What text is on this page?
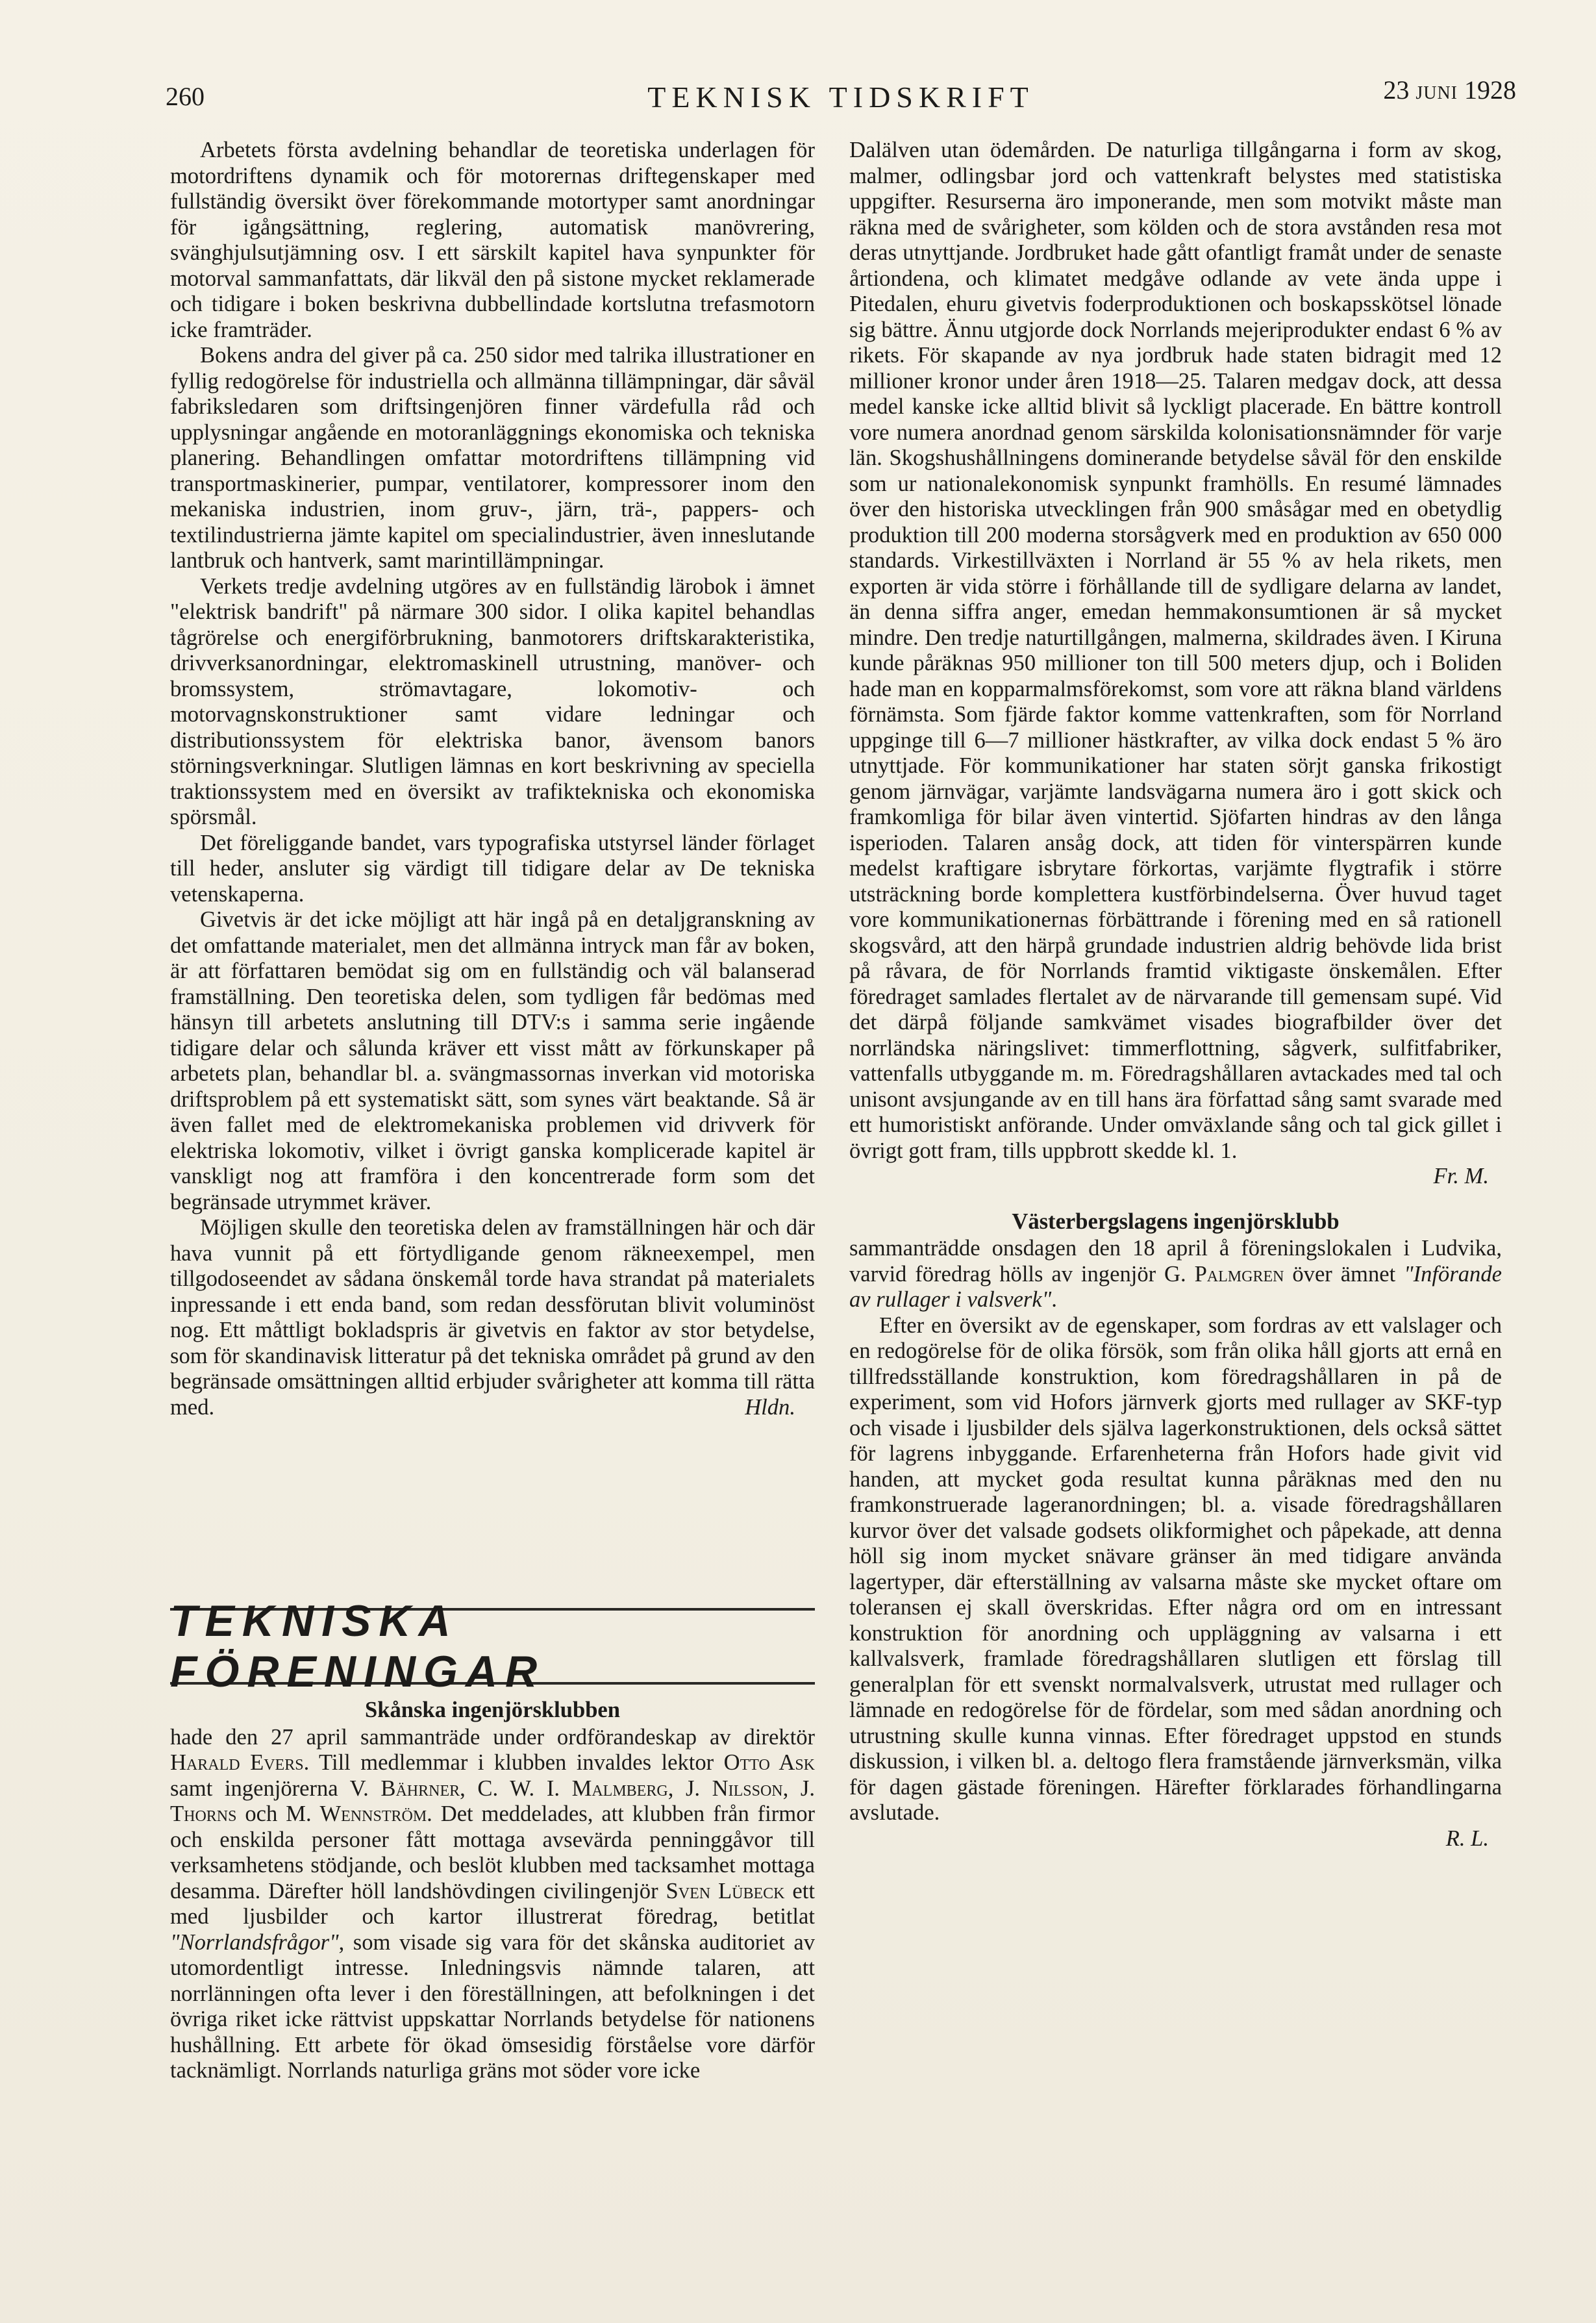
260	TEKNISK TIDSKRIFT	23 JUNI 1928

Arbetets första avdelning behandlar de teoretiska underlagen för motordriftens dynamik och för motorernas driftegenskaper med fullständig översikt över förekommande motortyper samt anordningar för igångsättning, reglering, automatisk manövrering, svänghjulsutjämning osv. I ett särskilt kapitel hava synpunkter för motorval sammanfattats, där likväl den på sistone mycket reklamerade och tidigare i boken beskrivna dubbellindade kortslutna trefasmotorn icke framträder.

Bokens andra del giver på ca. 250 sidor med talrika illustrationer en fyllig redogörelse för industriella och allmänna tillämpningar, där såväl fabriksledaren som driftsingenjören finner värdefulla råd och upplysningar angående en motoranläggnings ekonomiska och tekniska planering. Behandlingen omfattar motordriftens tillämpning vid transportmaskinerier, pumpar, ventilatorer, kompressorer inom den mekaniska industrien, inom gruv-, järn, trä-, pappers- och textilindustrierna jämte kapitel om specialindustrier, även inneslutande lantbruk och hantverk, samt marintillämpningar.

Verkets tredje avdelning utgöres av en fullständig lärobok i ämnet "elektrisk bandrift" på närmare 300 sidor. I olika kapitel behandlas tågrörelse och energiförbrukning, banmotorers driftskarakteristika, drivverksanordningar, elektromaskinell utrustning, manöver- och bromssystem, strömavtagare, lokomotiv- och motorvagnskonstruktioner samt vidare ledningar och distributionssystem för elektriska banor, ävensom banors störningsverkningar. Slutligen lämnas en kort beskrivning av speciella traktionssystem med en översikt av trafiktekniska och ekonomiska spörsmål.

Det föreliggande bandet, vars typografiska utstyrsel länder förlaget till heder, ansluter sig värdigt till tidigare delar av De tekniska vetenskaperna.

Givetvis är det icke möjligt att här ingå på en detaljgranskning av det omfattande materialet, men det allmänna intryck man får av boken, är att författaren bemödat sig om en fullständig och väl balanserad framställning. Den teoretiska delen, som tydligen får bedömas med hänsyn till arbetets anslutning till DTV:s i samma serie ingående tidigare delar och sålunda kräver ett visst mått av förkunskaper på arbetets plan, behandlar bl. a. svängmassornas inverkan vid motoriska driftsproblem på ett systematiskt sätt, som synes värt beaktande. Så är även fallet med de elektromekaniska problemen vid drivverk för elektriska lokomotiv, vilket i övrigt ganska komplicerade kapitel är vanskligt nog att framföra i den koncentrerade form som det begränsade utrymmet kräver.

Möjligen skulle den teoretiska delen av framställningen här och där hava vunnit på ett förtydligande genom räkneexempel, men tillgodoseendet av sådana önskemål torde hava strandat på materialets inpressande i ett enda band, som redan dessförutan blivit voluminöst nog. Ett måttligt bokladspris är givetvis en faktor av stor betydelse, som för skandinavisk litteratur på det tekniska området på grund av den begränsade omsättningen alltid erbjuder svårigheter att komma till rätta med.	Hldn.

TEKNISKA FÖRENINGAR

Skånska ingenjörsklubben

hade den 27 april sammanträde under ordförandeskap av direktör Harald Evers. Till medlemmar i klubben invaldes lektor Otto Ask samt ingenjörerna V. Bährner, C. W. I. Malmberg, J. Nilsson, J. Thorns och M. Wennström. Det meddelades, att klubben från firmor och enskilda personer fått mottaga avsevärda penninggåvor till verksamhetens stödjande, och beslöt klubben med tacksamhet mottaga desamma. Därefter höll landshövdingen civilingenjör Sven Lübeck ett med ljusbilder och kartor illustrerat föredrag, betitlat "Norrlandsfrågor", som visade sig vara för det skånska auditoriet av utomordentligt intresse. Inledningsvis nämnde talaren, att norrlänningen ofta lever i den föreställningen, att befolkningen i det övriga riket icke rättvist uppskattar Norrlands betydelse för nationens hushållning. Ett arbete för ökad ömsesidig förståelse vore därför tacknämligt. Norrlands naturliga gräns mot söder vore icke

Dalälven utan ödemården. De naturliga tillgångarna i form av skog, malmer, odlingsbar jord och vattenkraft belystes med statistiska uppgifter. Resurserna äro imponerande, men som motvikt måste man räkna med de svårigheter, som kölden och de stora avstånden resa mot deras utnyttjande. Jordbruket hade gått ofantligt framåt under de senaste årtiondena, och klimatet medgåve odlande av vete ända uppe i Pitedalen, ehuru givetvis foderproduktionen och boskapsskötsel lönade sig bättre. Ännu utgjorde dock Norrlands mejeriprodukter endast 6 % av rikets. För skapande av nya jordbruk hade staten bidragit med 12 millioner kronor under åren 1918—25. Talaren medgav dock, att dessa medel kanske icke alltid blivit så lyckligt placerade. En bättre kontroll vore numera anordnad genom särskilda kolonisationsnämnder för varje län. Skogshushållningens dominerande betydelse såväl för den enskilde som ur nationalekonomisk synpunkt framhölls. En resumé lämnades över den historiska utvecklingen från 900 småsågar med en obetydlig produktion till 200 moderna storsågverk med en produktion av 650 000 standards. Virkestillväxten i Norrland är 55 % av hela rikets, men exporten är vida större i förhållande till de sydligare delarna av landet, än denna siffra anger, emedan hemmakonsumtionen är så mycket mindre. Den tredje naturtillgången, malmerna, skildrades även. I Kiruna kunde påräknas 950 millioner ton till 500 meters djup, och i Boliden hade man en kopparmalmsförekomst, som vore att räkna bland världens förnämsta. Som fjärde faktor komme vattenkraften, som för Norrland uppginge till 6—7 millioner hästkrafter, av vilka dock endast 5 % äro utnyttjade. För kommunikationer har staten sörjt ganska frikostigt genom järnvägar, varjämte landsvägarna numera äro i gott skick och framkomliga för bilar även vintertid. Sjöfarten hindras av den långa isperioden. Talaren ansåg dock, att tiden för vinterspärren kunde medelst kraftigare isbrytare förkortas, varjämte flygtrafik i större utsträckning borde komplettera kustförbindelserna. Över huvud taget vore kommunikationernas förbättrande i förening med en så rationell skogsvård, att den härpå grundade industrien aldrig behövde lida brist på råvara, de för Norrlands framtid viktigaste önskemålen. Efter föredraget samlades flertalet av de närvarande till gemensam supé. Vid det därpå följande samkvämet visades biografbilder över det norrländska näringslivet: timmerflottning, sågverk, sulfitfabriker, vattenfalls utbyggande m. m. Föredragshållaren avtackades med tal och unisont avsjungande av en till hans ära författad sång samt svarade med ett humoristiskt anförande. Under omväxlande sång och tal gick gillet i övrigt gott fram, tills uppbrott skedde kl. 1.

Fr. M.

Västerbergslagens ingenjörsklubb

sammanträdde onsdagen den 18 april å föreningslokalen i Ludvika, varvid föredrag hölls av ingenjör G. Palmgren över ämnet "Införande av rullager i valsverk".

Efter en översikt av de egenskaper, som fordras av ett valslager och en redogörelse för de olika försök, som från olika håll gjorts att ernå en tillfredsställande konstruktion, kom föredragshållaren in på de experiment, som vid Hofors järnverk gjorts med rullager av SKF-typ och visade i ljusbilder dels själva lagerkonstruktionen, dels också sättet för lagrens inbyggande. Erfarenheterna från Hofors hade givit vid handen, att mycket goda resultat kunna påräknas med den nu framkonstruerade lageranordningen; bl. a. visade föredragshållaren kurvor över det valsade godsets olikformighet och påpekade, att denna höll sig inom mycket snävare gränser än med tidigare använda lagertyper, där efterställning av valsarna måste ske mycket oftare om toleransen ej skall överskridas. Efter några ord om en intressant konstruktion för anordning och uppläggning av valsarna i ett kallvalsverk, framlade föredragshållaren slutligen ett förslag till generalplan för ett svenskt normalvalsverk, utrustat med rullager och lämnade en redogörelse för de fördelar, som med sådan anordning och utrustning skulle kunna vinnas. Efter föredraget uppstod en stunds diskussion, i vilken bl. a. deltogo flera framstående järnverksmän, vilka för dagen gästade föreningen. Härefter förklarades förhandlingarna avslutade.

R. L.
